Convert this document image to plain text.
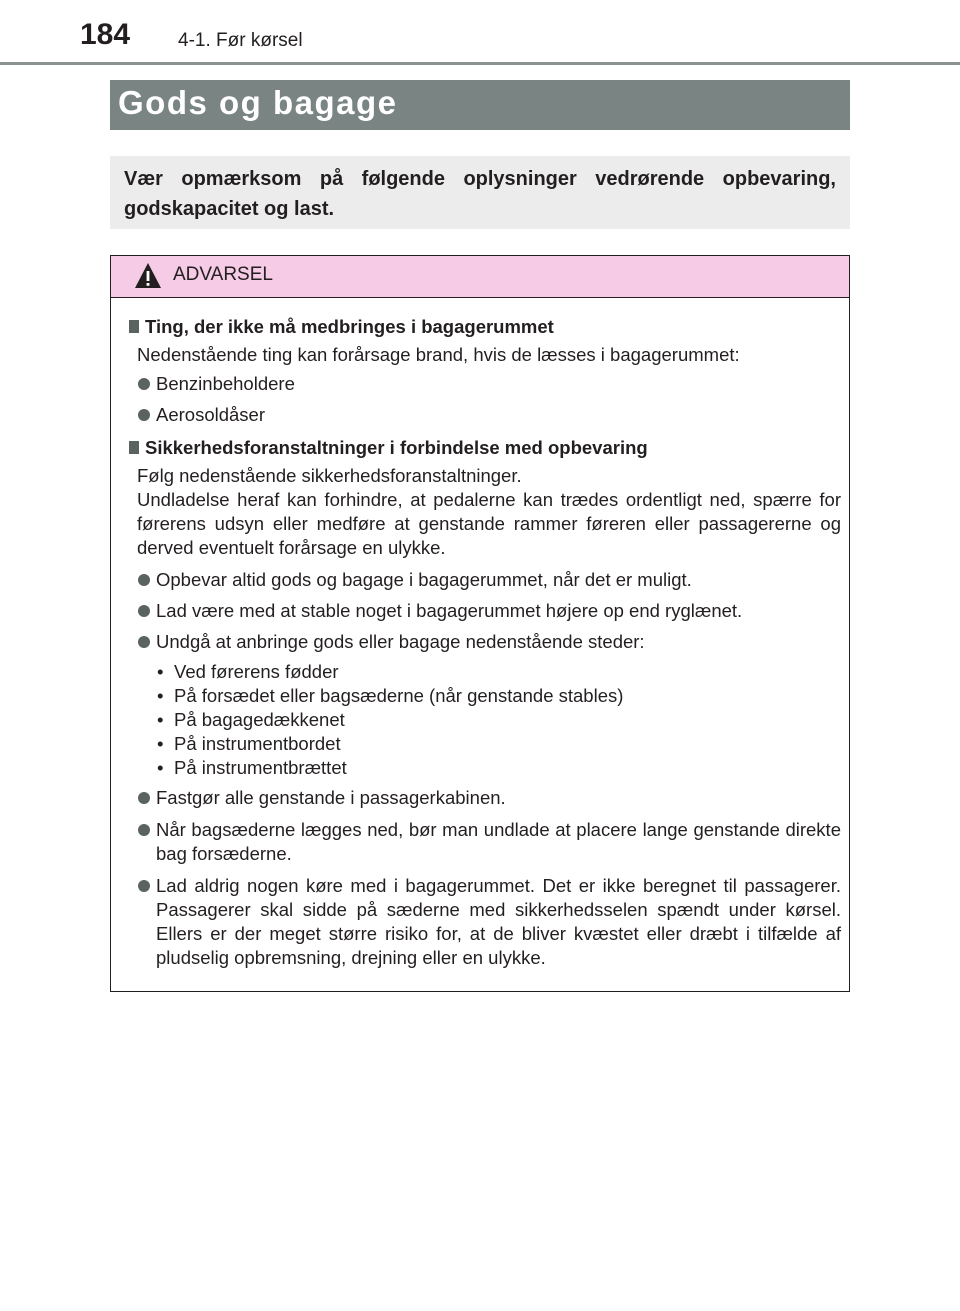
184	4-1. Før kørsel
Gods og bagage
Vær opmærksom på følgende oplysninger vedrørende opbevaring, godskapacitet og last.
ADVARSEL
Ting, der ikke må medbringes i bagagerummet
Nedenstående ting kan forårsage brand, hvis de læsses i bagagerummet:
Benzinbeholdere
Aerosoldåser
Sikkerhedsforanstaltninger i forbindelse med opbevaring
Følg nedenstående sikkerhedsforanstaltninger.
Undladelse heraf kan forhindre, at pedalerne kan trædes ordentligt ned, spærre for førerens udsyn eller medføre at genstande rammer føreren eller passagererne og derved eventuelt forårsage en ulykke.
Opbevar altid gods og bagage i bagagerummet, når det er muligt.
Lad være med at stable noget i bagagerummet højere op end ryglænet.
Undgå at anbringe gods eller bagage nedenstående steder:
• Ved førerens fødder
• På forsædet eller bagsæderne (når genstande stables)
• På bagagedækkenet
• På instrumentbordet
• På instrumentbrættet
Fastgør alle genstande i passagerkabinen.
Når bagsæderne lægges ned, bør man undlade at placere lange genstande direkte bag forsæderne.
Lad aldrig nogen køre med i bagagerummet. Det er ikke beregnet til passagerer. Passagerer skal sidde på sæderne med sikkerhedsselen spændt under kørsel. Ellers er der meget større risiko for, at de bliver kvæstet eller dræbt i tilfælde af pludselig opbremsning, drejning eller en ulykke.
